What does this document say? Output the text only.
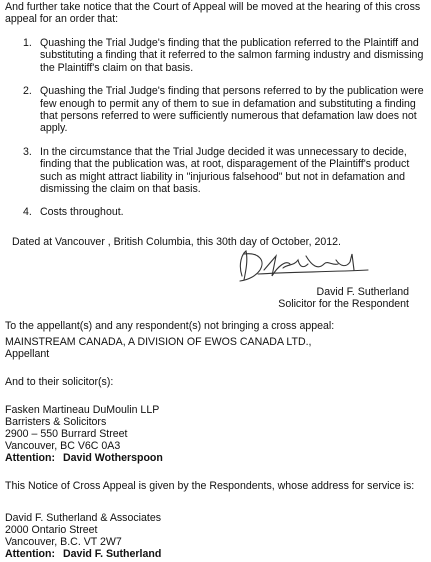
And further take notice that the Court of Appeal will be moved at the hearing of this cross appeal for an order that:
1. Quashing the Trial Judge's finding that the publication referred to the Plaintiff and substituting a finding that it referred to the salmon farming industry and dismissing the Plaintiff's claim on that basis.
2. Quashing the Trial Judge's finding that persons referred to by the publication were few enough to permit any of them to sue in defamation and substituting a finding that persons referred to were sufficiently numerous that defamation law does not apply.
3. In the circumstance that the Trial Judge decided it was unnecessary to decide, finding that the publication was, at root, disparagement of the Plaintiff's product such as might attract liability in "injurious falsehood" but not in defamation and dismissing the claim on that basis.
4. Costs throughout.
Dated at Vancouver , British Columbia, this 30th day of October, 2012.
David F. Sutherland
Solicitor for the Respondent
To the appellant(s) and any respondent(s) not bringing a cross appeal:
MAINSTREAM CANADA, A DIVISION OF EWOS CANADA LTD.,
Appellant
And to their solicitor(s):
Fasken Martineau DuMoulin LLP
Barristers & Solicitors
2900 – 550 Burrard Street
Vancouver, BC V6C 0A3
Attention: David Wotherspoon
This Notice of Cross Appeal is given by the Respondents, whose address for service is:
David F. Sutherland & Associates
2000 Ontario Street
Vancouver, B.C. VT 2W7
Attention: David F. Sutherland
